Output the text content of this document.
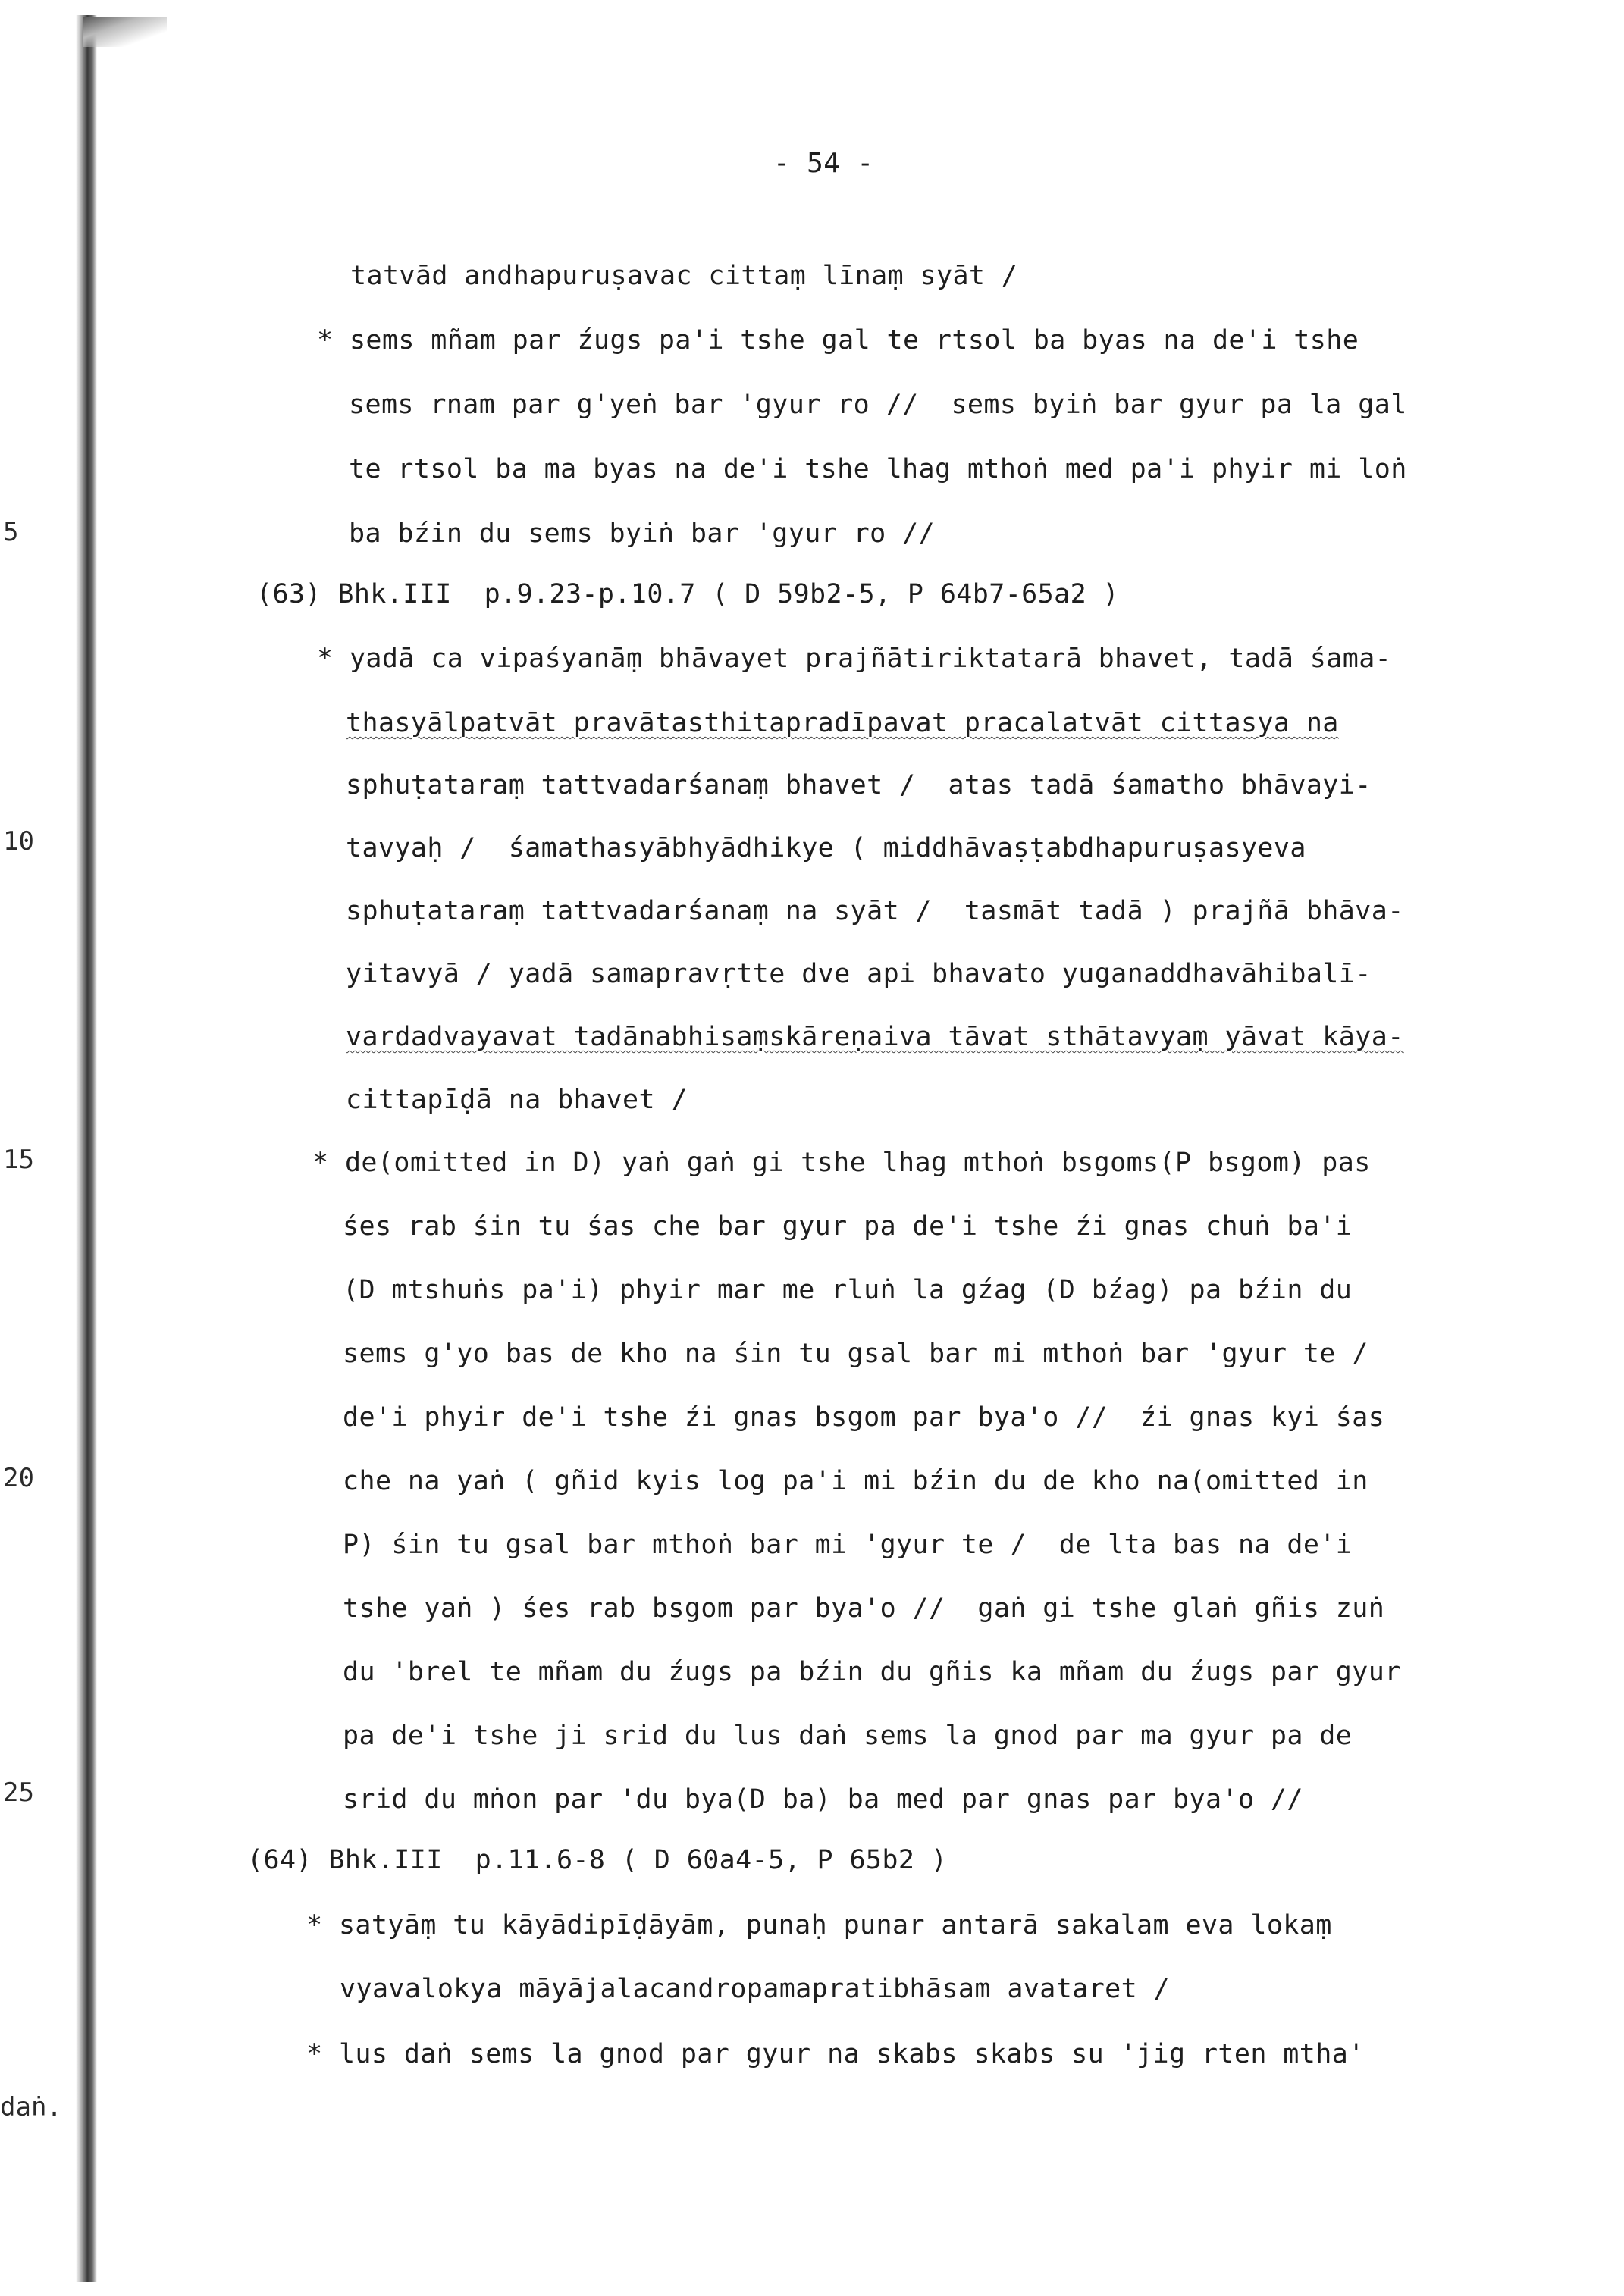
- 54 -
5
10
15
20
25
daṅ.
tatvād andhapuruṣavac cittaṃ līnaṃ syāt /
* sems mñam par źugs pa'i tshe gal te rtsol ba byas na de'i tshe
sems rnam par g'yeṅ bar 'gyur ro //  sems byiṅ bar gyur pa la gal
te rtsol ba ma byas na de'i tshe lhag mthoṅ med pa'i phyir mi loṅ
ba bźin du sems byiṅ bar 'gyur ro //
(63) Bhk.III  p.9.23-p.10.7 ( D 59b2-5, P 64b7-65a2 )
* yadā ca vipaśyanāṃ bhāvayet prajñātiriktatarā bhavet, tadā śama-
thasyālpatvāt pravātasthitapradīpavat pracalatvāt cittasya na
sphuṭataraṃ tattvadarśanaṃ bhavet /  atas tadā śamatho bhāvayi-
tavyaḥ /  śamathasyābhyādhikye ( middhāvaṣṭabdhapuruṣasyeva
sphuṭataraṃ tattvadarśanaṃ na syāt /  tasmāt tadā ) prajñā bhāva-
yitavyā / yadā samapravṛtte dve api bhavato yuganaddhavāhibalī-
vardadvayavat tadānabhisaṃskāreṇaiva tāvat sthātavyaṃ yāvat kāya-
cittapīḍā na bhavet /
* de(omitted in D) yaṅ gaṅ gi tshe lhag mthoṅ bsgoms(P bsgom) pas
śes rab śin tu śas che bar gyur pa de'i tshe źi gnas chuṅ ba'i
(D mtshuṅs pa'i) phyir mar me rluṅ la gźag (D bźag) pa bźin du
sems g'yo bas de kho na śin tu gsal bar mi mthoṅ bar 'gyur te /
de'i phyir de'i tshe źi gnas bsgom par bya'o //  źi gnas kyi śas
che na yaṅ ( gñid kyis log pa'i mi bźin du de kho na(omitted in
P) śin tu gsal bar mthoṅ bar mi 'gyur te /  de lta bas na de'i
tshe yaṅ ) śes rab bsgom par bya'o //  gaṅ gi tshe glaṅ gñis zuṅ
du 'brel te mñam du źugs pa bźin du gñis ka mñam du źugs par gyur
pa de'i tshe ji srid du lus daṅ sems la gnod par ma gyur pa de
srid du mṅon par 'du bya(D ba) ba med par gnas par bya'o //
(64) Bhk.III  p.11.6-8 ( D 60a4-5, P 65b2 )
* satyāṃ tu kāyādipīḍāyām, punaḥ punar antarā sakalam eva lokaṃ
vyavalokya māyājalacandropamapratibhāsam avataret /
* lus daṅ sems la gnod par gyur na skabs skabs su 'jig rten mtha'
